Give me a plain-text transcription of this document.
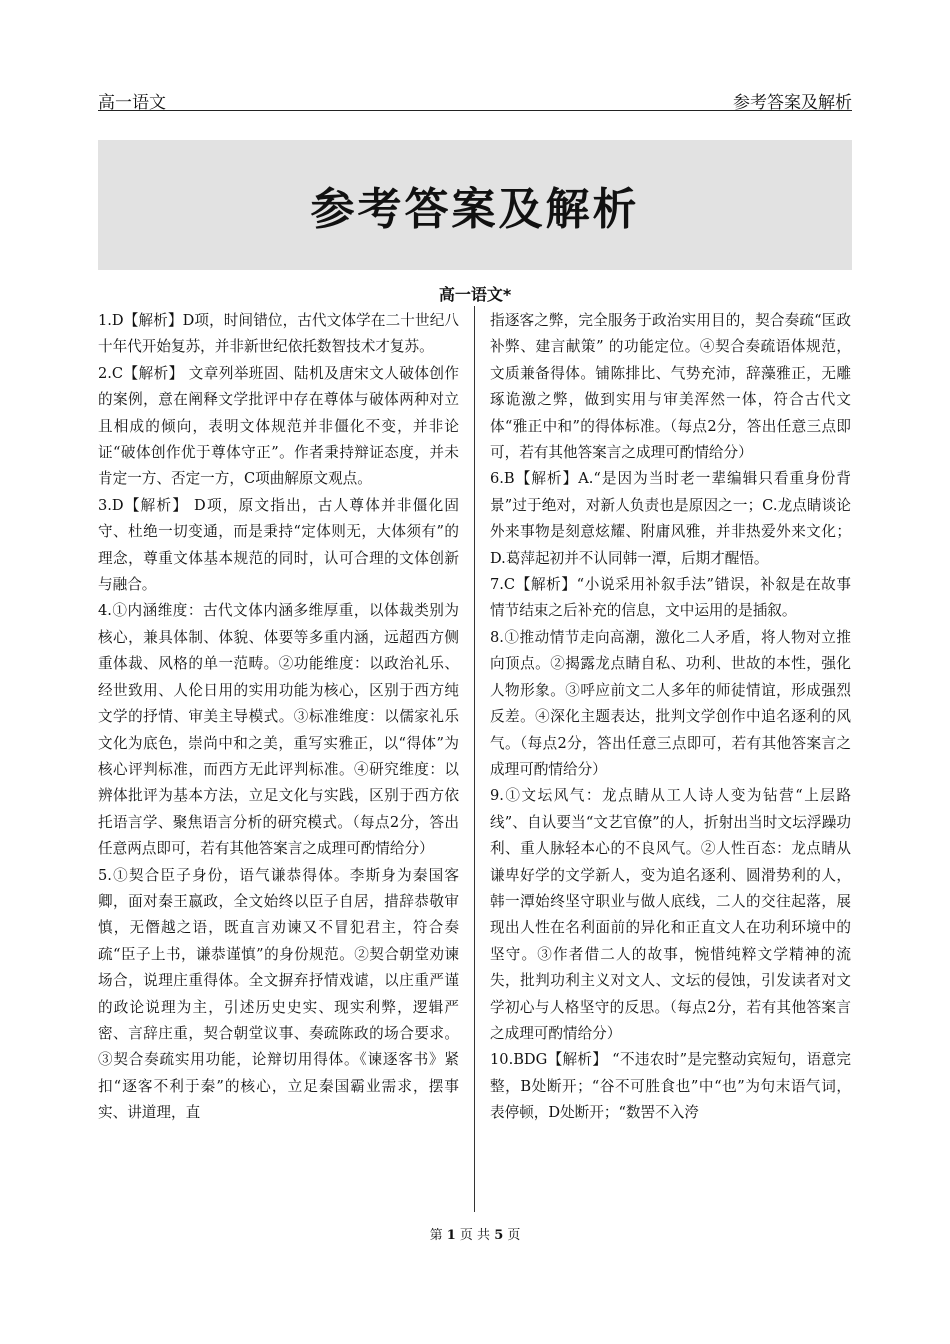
高一语文	参考答案及解析
参考答案及解析
高一语文*

1.D【解析】D项，时间错位，古代文体学在二十世纪八十年代开始复苏，并非新世纪依托数智技术才复苏。

2.C【解析】 文章列举班固、陆机及唐宋文人破体创作的案例，意在阐释文学批评中存在尊体与破体两种对立且相成的倾向，表明文体规范并非僵化不变，并非论证“破体创作优于尊体守正”。作者秉持辩证态度，并未肯定一方、否定一方，C项曲解原文观点。

3.D【解析】 D项，原文指出，古人尊体并非僵化固守、杜绝一切变通，而是秉持“定体则无，大体须有”的理念，尊重文体基本规范的同时，认可合理的文体创新与融合。

4.①内涵维度：古代文体内涵多维厚重，以体裁类别为核心，兼具体制、体貌、体要等多重内涵，远超西方侧重体裁、风格的单一范畴。②功能维度：以政治礼乐、经世致用、人伦日用的实用功能为核心，区别于西方纯文学的抒情、审美主导模式。③标准维度：以儒家礼乐文化为底色，崇尚中和之美，重写实雅正，以“得体”为核心评判标准，而西方无此评判标准。④研究维度：以辨体批评为基本方法，立足文化与实践，区别于西方依托语言学、聚焦语言分析的研究模式。（每点2分，答出任意两点即可，若有其他答案言之成理可酌情给分）

5.①契合臣子身份，语气谦恭得体。李斯身为秦国客卿，面对秦王嬴政，全文始终以臣子自居，措辞恭敬审慎，无僭越之语，既直言劝谏又不冒犯君主，符合奏疏“臣子上书，谦恭谨慎”的身份规范。②契合朝堂劝谏场合，说理庄重得体。全文摒弃抒情戏谑，以庄重严谨的政论说理为主，引述历史史实、现实利弊，逻辑严密、言辞庄重，契合朝堂议事、奏疏陈政的场合要求。③契合奏疏实用功能，论辩切用得体。《谏逐客书》紧扣“逐客不利于秦”的核心，立足秦国霸业需求，摆事实、讲道理，直

指逐客之弊，完全服务于政治实用目的，契合奏疏“匡政补弊、建言献策” 的功能定位。④契合奏疏语体规范，文质兼备得体。铺陈排比、气势充沛，辞藻雅正，无雕琢诡激之弊，做到实用与审美浑然一体，符合古代文体“雅正中和”的得体标准。（每点2分，答出任意三点即可，若有其他答案言之成理可酌情给分）

6.B【解析】A.“是因为当时老一辈编辑只看重身份背景”过于绝对，对新人负责也是原因之一；C.龙点睛谈论外来事物是刻意炫耀、附庸风雅，并非热爱外来文化；D.葛萍起初并不认同韩一潭，后期才醒悟。

7.C【解析】“小说采用补叙手法”错误，补叙是在故事情节结束之后补充的信息，文中运用的是插叙。

8.①推动情节走向高潮，激化二人矛盾，将人物对立推向顶点。②揭露龙点睛自私、功利、世故的本性，强化人物形象。③呼应前文二人多年的师徒情谊，形成强烈反差。④深化主题表达，批判文学创作中追名逐利的风气。（每点2分，答出任意三点即可，若有其他答案言之成理可酌情给分）

9.①文坛风气：龙点睛从工人诗人变为钻营“上层路线”、自认要当“文艺官僚”的人，折射出当时文坛浮躁功利、重人脉轻本心的不良风气。②人性百态：龙点睛从谦卑好学的文学新人，变为追名逐利、圆滑势利的人，韩一潭始终坚守职业与做人底线，二人的交往起落，展现出人性在名利面前的异化和正直文人在功利环境中的坚守。③作者借二人的故事，惋惜纯粹文学精神的流失，批判功利主义对文人、文坛的侵蚀，引发读者对文学初心与人格坚守的反思。（每点2分，若有其他答案言之成理可酌情给分）

10.BDG【解析】 “不违农时”是完整动宾短句，语意完整，B处断开；“谷不可胜食也”中“也”为句末语气词，表停顿，D处断开；“数罟不入洿

第 1 页 共 5 页
